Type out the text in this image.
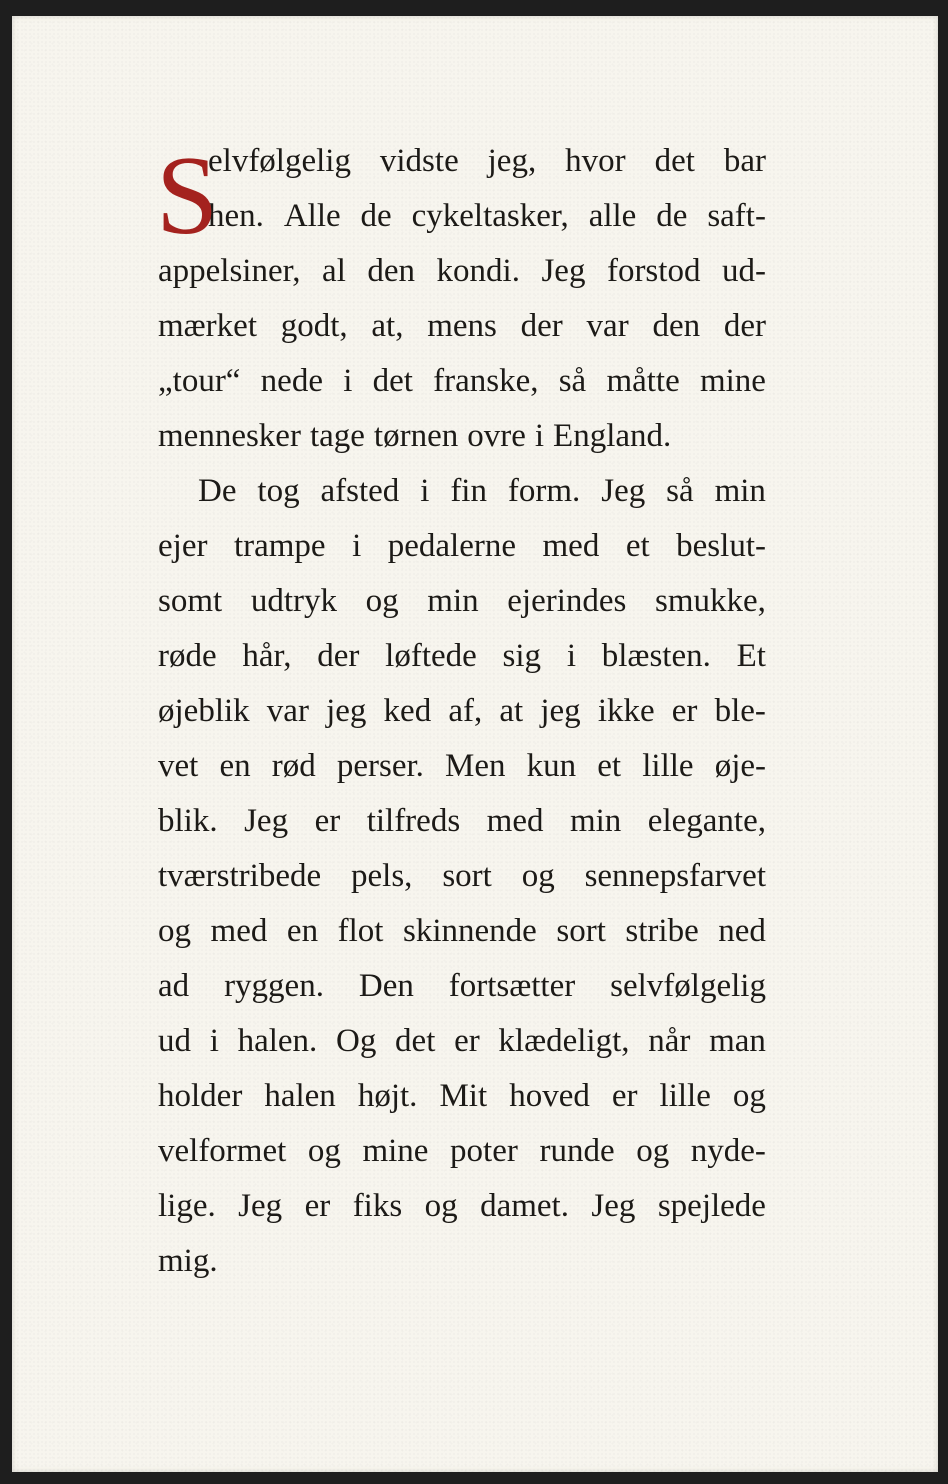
S
elvfølgelig vidste jeg, hvor det bar
hen. Alle de cykeltasker, alle de saft-
appelsiner, al den kondi. Jeg forstod ud-
mærket godt, at, mens der var den der
„tour“ nede i det franske, så måtte mine
mennesker tage tørnen ovre i England.
De tog afsted i fin form. Jeg så min
ejer trampe i pedalerne med et beslut-
somt udtryk og min ejerindes smukke,
røde hår, der løftede sig i blæsten. Et
øjeblik var jeg ked af, at jeg ikke er ble-
vet en rød perser. Men kun et lille øje-
blik. Jeg er tilfreds med min elegante,
tværstribede pels, sort og sennepsfarvet
og med en flot skinnende sort stribe ned
ad ryggen. Den fortsætter selvfølgelig
ud i halen. Og det er klædeligt, når man
holder halen højt. Mit hoved er lille og
velformet og mine poter runde og nyde-
lige. Jeg er fiks og damet. Jeg spejlede
mig.
